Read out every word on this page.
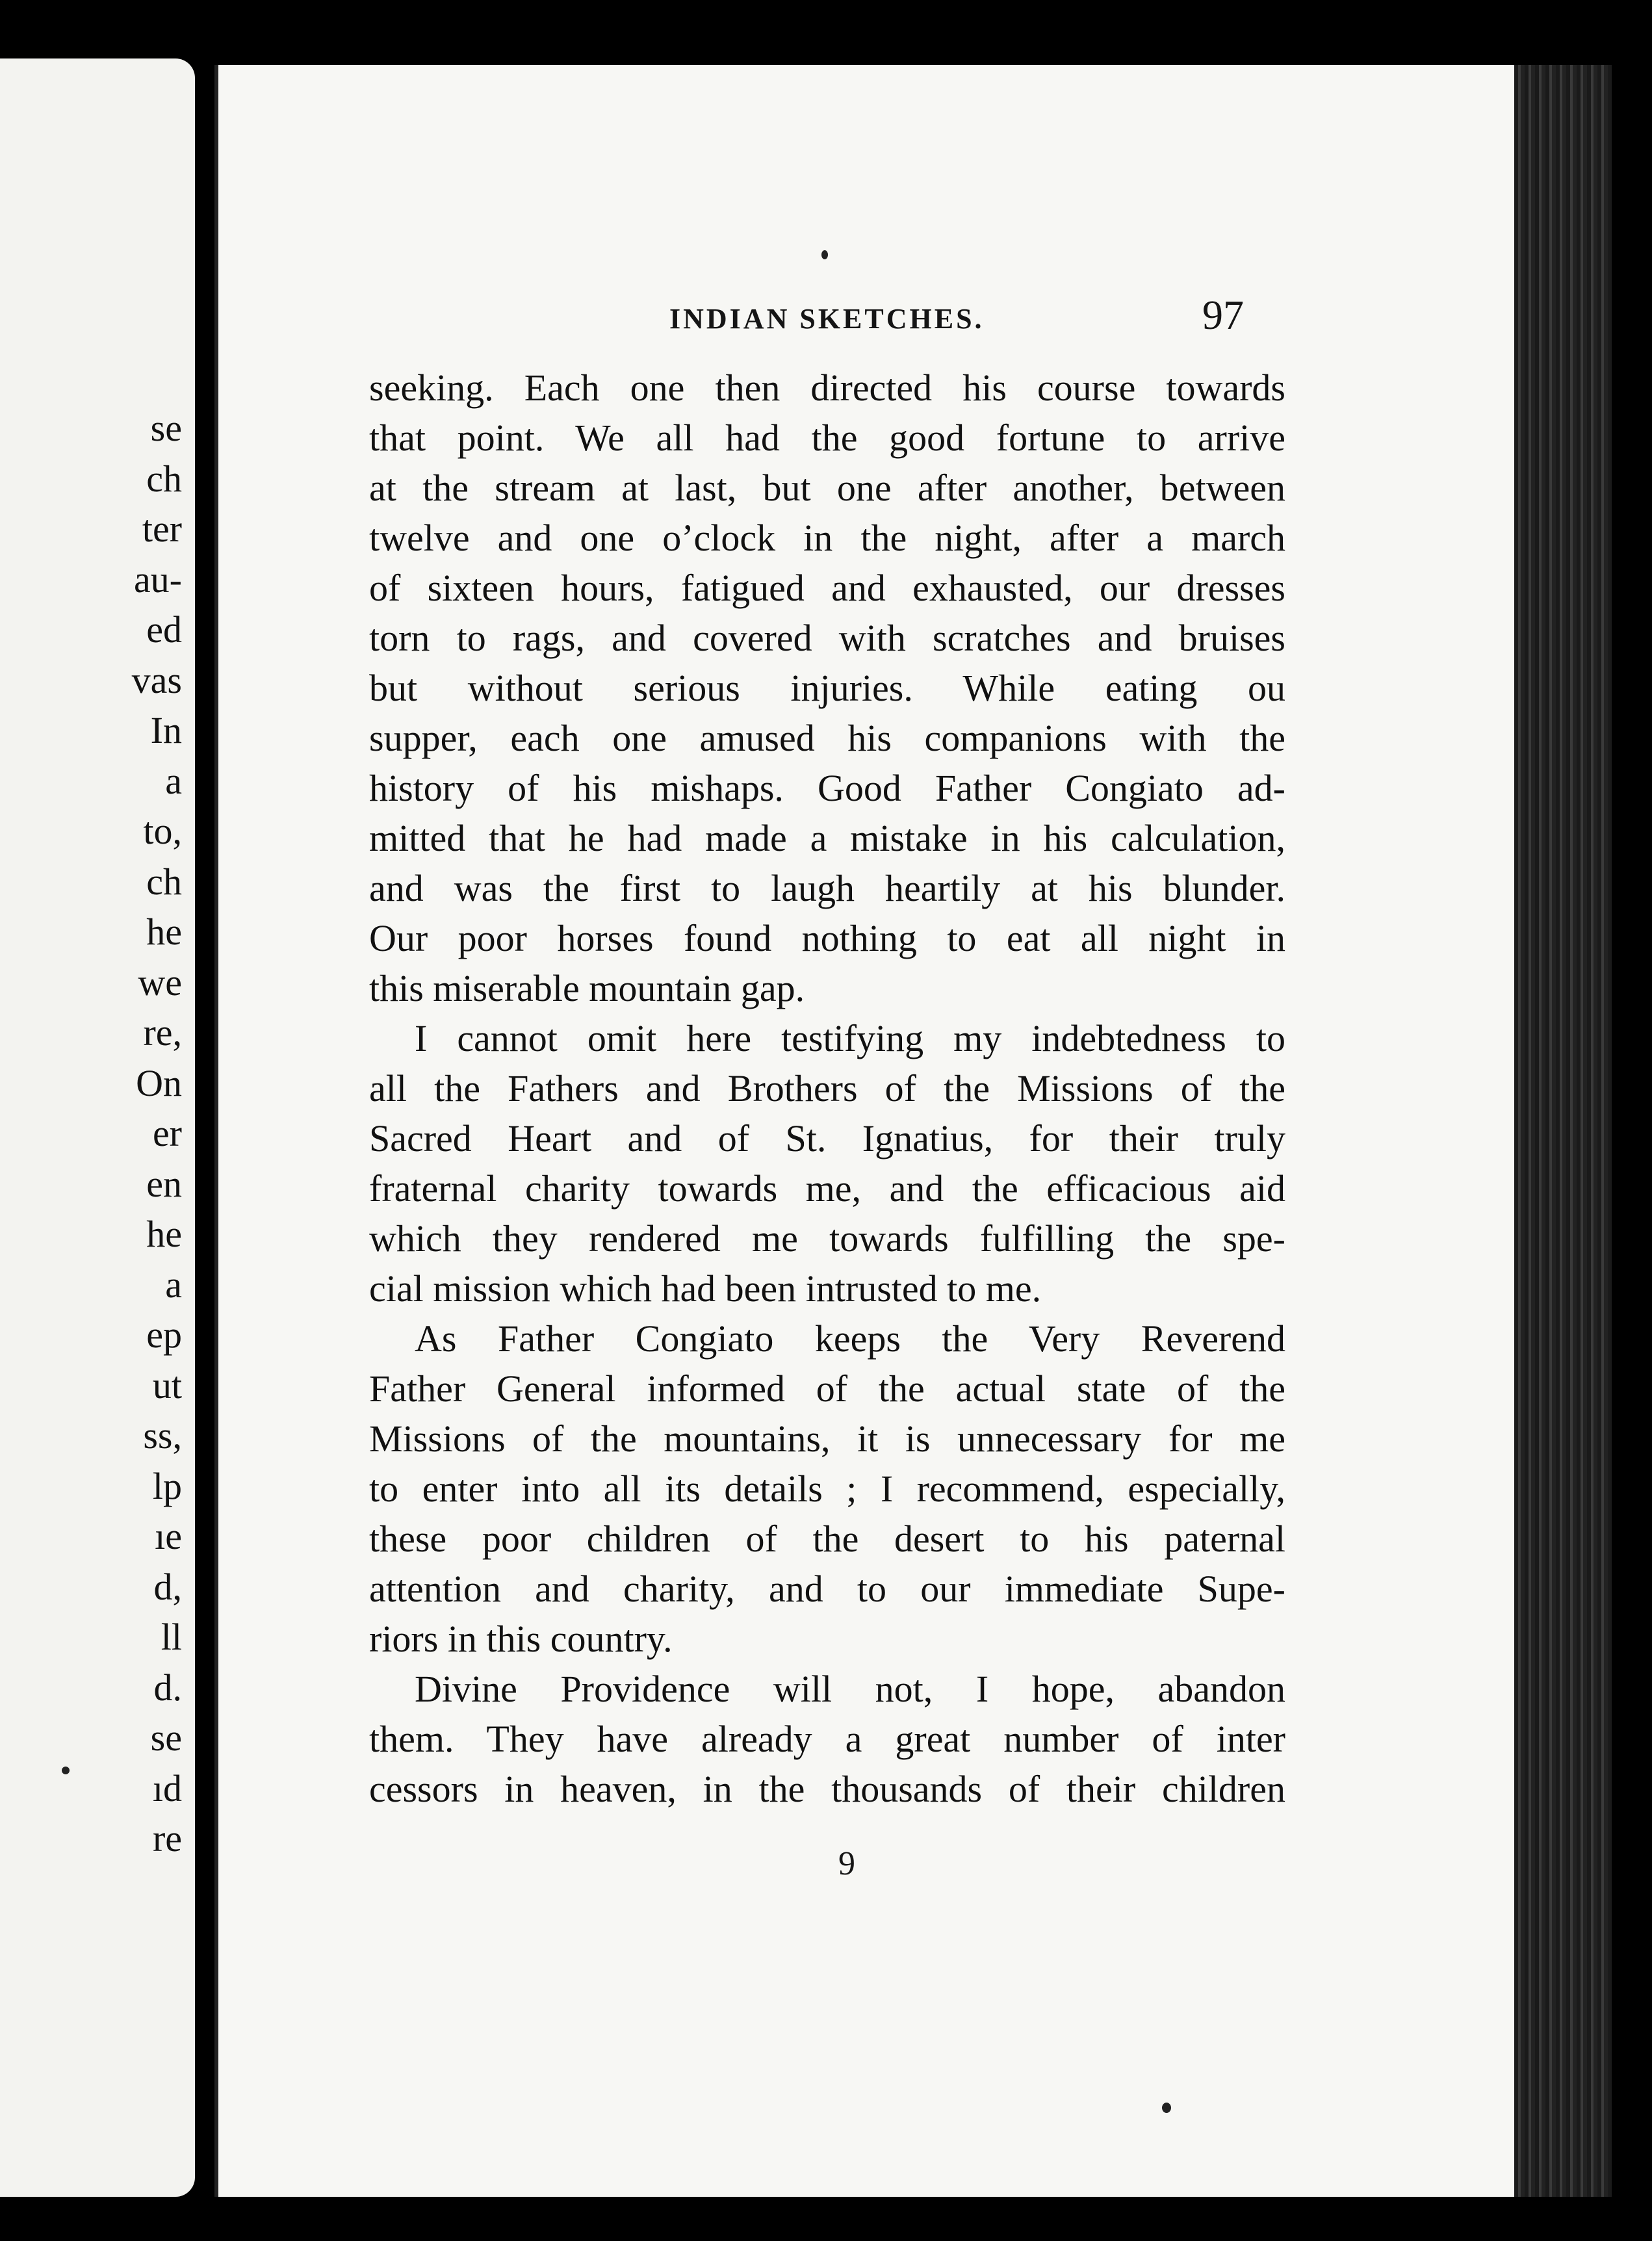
se
ch
ter
au-
ed
vas
In
a
to,
ch
he
we
re,
On
er
en
he
a
ep
ut
ss,
lp
ıe
d,
ll
d.
se
ıd
re
INDIAN SKETCHES.	97
seeking. Each one then directed his course towards
that point. We all had the good fortune to arrive
at the stream at last, but one after another, between
twelve and one o’clock in the night, after a march
of sixteen hours, fatigued and exhausted, our dresses
torn to rags, and covered with scratches and bruises
but without serious injuries. While eating ou
supper, each one amused his companions with the
history of his mishaps. Good Father Congiato ad-
mitted that he had made a mistake in his calculation,
and was the first to laugh heartily at his blunder.
Our poor horses found nothing to eat all night in
this miserable mountain gap.
I cannot omit here testifying my indebtedness to
all the Fathers and Brothers of the Missions of the
Sacred Heart and of St. Ignatius, for their truly
fraternal charity towards me, and the efficacious aid
which they rendered me towards fulfilling the spe-
cial mission which had been intrusted to me.
As Father Congiato keeps the Very Reverend
Father General informed of the actual state of the
Missions of the mountains, it is unnecessary for me
to enter into all its details ; I recommend, especially,
these poor children of the desert to his paternal
attention and charity, and to our immediate Supe-
riors in this country.
Divine Providence will not, I hope, abandon
them. They have already a great number of inter
cessors in heaven, in the thousands of their children
9
